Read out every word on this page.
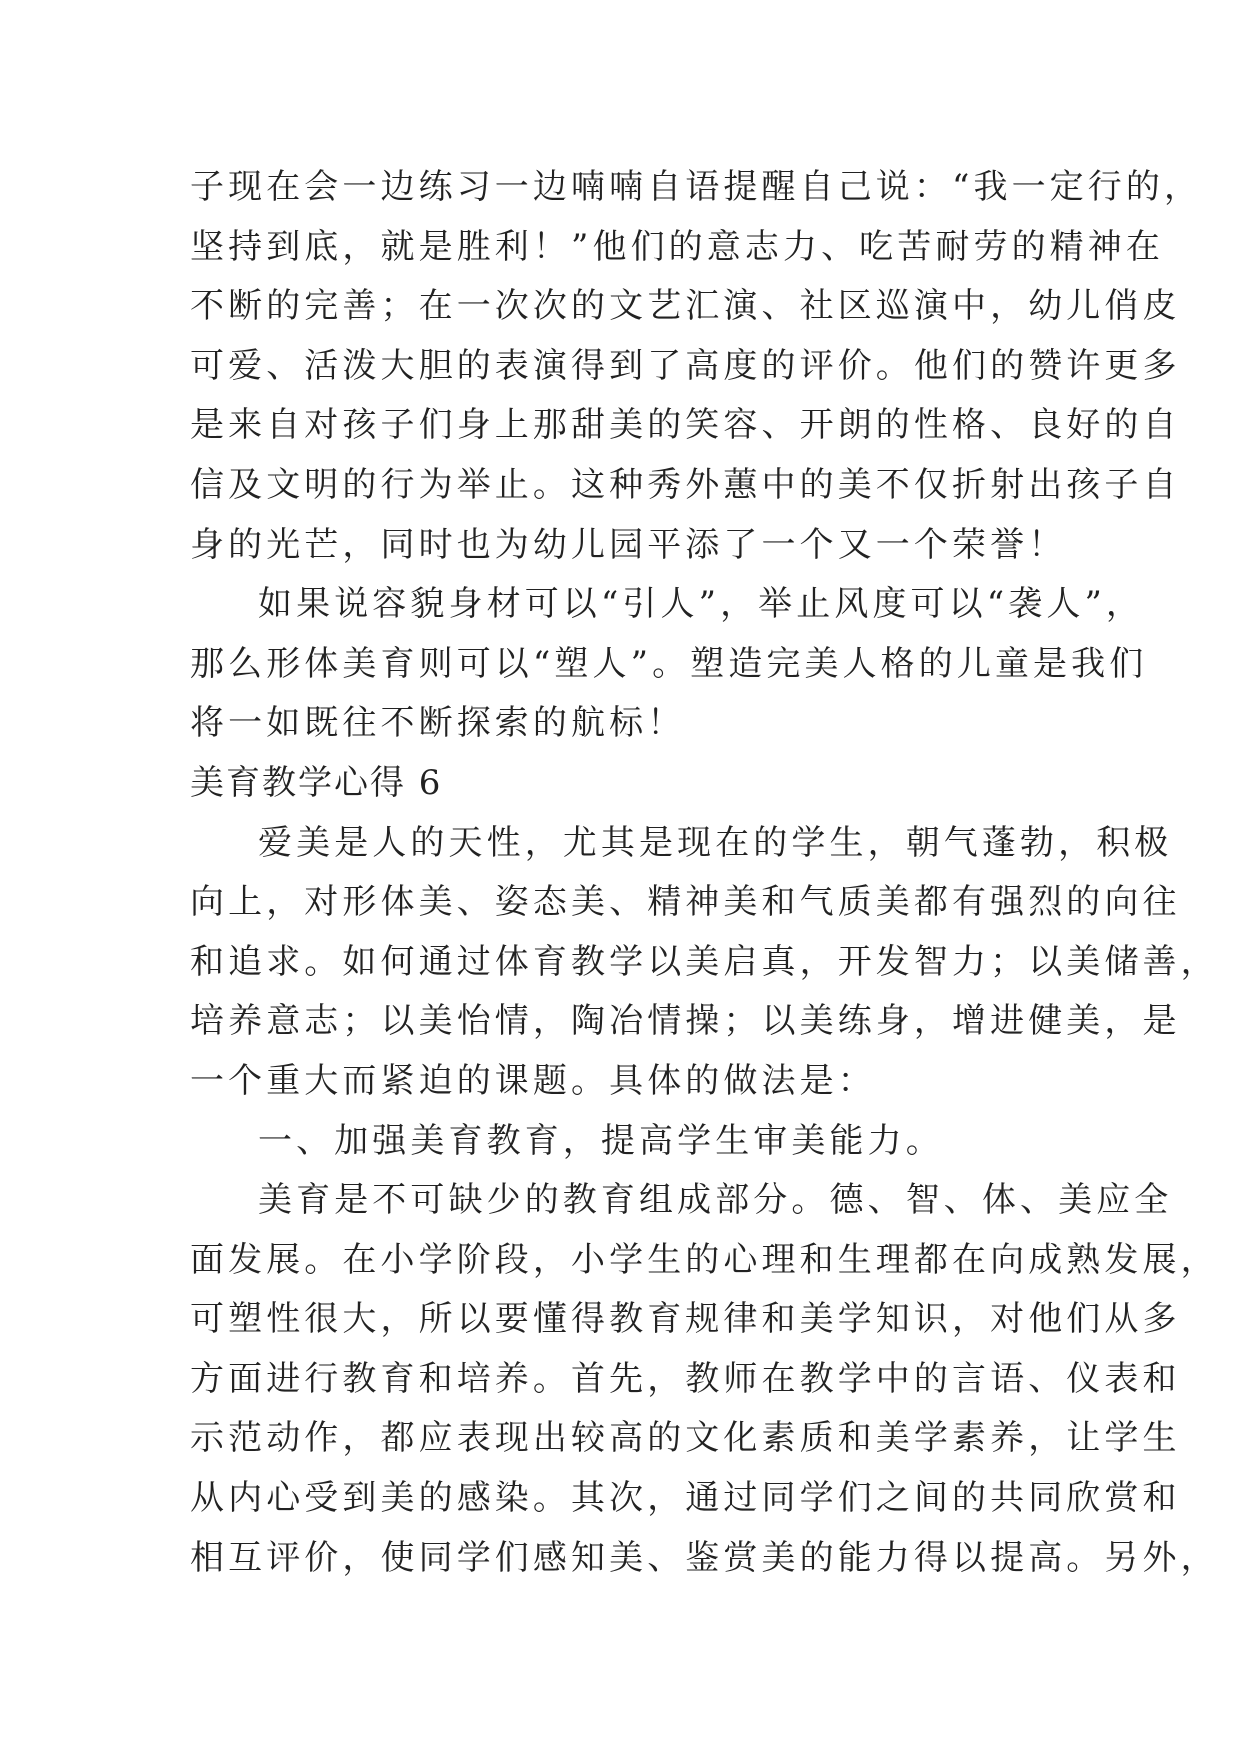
子现在会一边练习一边喃喃自语提醒自己说：“我一定行的，
坚持到底，就是胜利！”他们的意志力、吃苦耐劳的精神在
不断的完善；在一次次的文艺汇演、社区巡演中，幼儿俏皮
可爱、活泼大胆的表演得到了高度的评价。他们的赞许更多
是来自对孩子们身上那甜美的笑容、开朗的性格、良好的自
信及文明的行为举止。这种秀外蕙中的美不仅折射出孩子自
身的光芒，同时也为幼儿园平添了一个又一个荣誉！
如果说容貌身材可以“引人”，举止风度可以“袭人”，
那么形体美育则可以“塑人”。塑造完美人格的儿童是我们
将一如既往不断探索的航标！
美育教学心得 6
爱美是人的天性，尤其是现在的学生，朝气蓬勃，积极
向上，对形体美、姿态美、精神美和气质美都有强烈的向往
和追求。如何通过体育教学以美启真，开发智力；以美储善，
培养意志；以美怡情，陶冶情操；以美练身，增进健美，是
一个重大而紧迫的课题。具体的做法是：
一、加强美育教育，提高学生审美能力。
美育是不可缺少的教育组成部分。德、智、体、美应全
面发展。在小学阶段，小学生的心理和生理都在向成熟发展，
可塑性很大，所以要懂得教育规律和美学知识，对他们从多
方面进行教育和培养。首先，教师在教学中的言语、仪表和
示范动作，都应表现出较高的文化素质和美学素养，让学生
从内心受到美的感染。其次，通过同学们之间的共同欣赏和
相互评价，使同学们感知美、鉴赏美的能力得以提高。另外，
